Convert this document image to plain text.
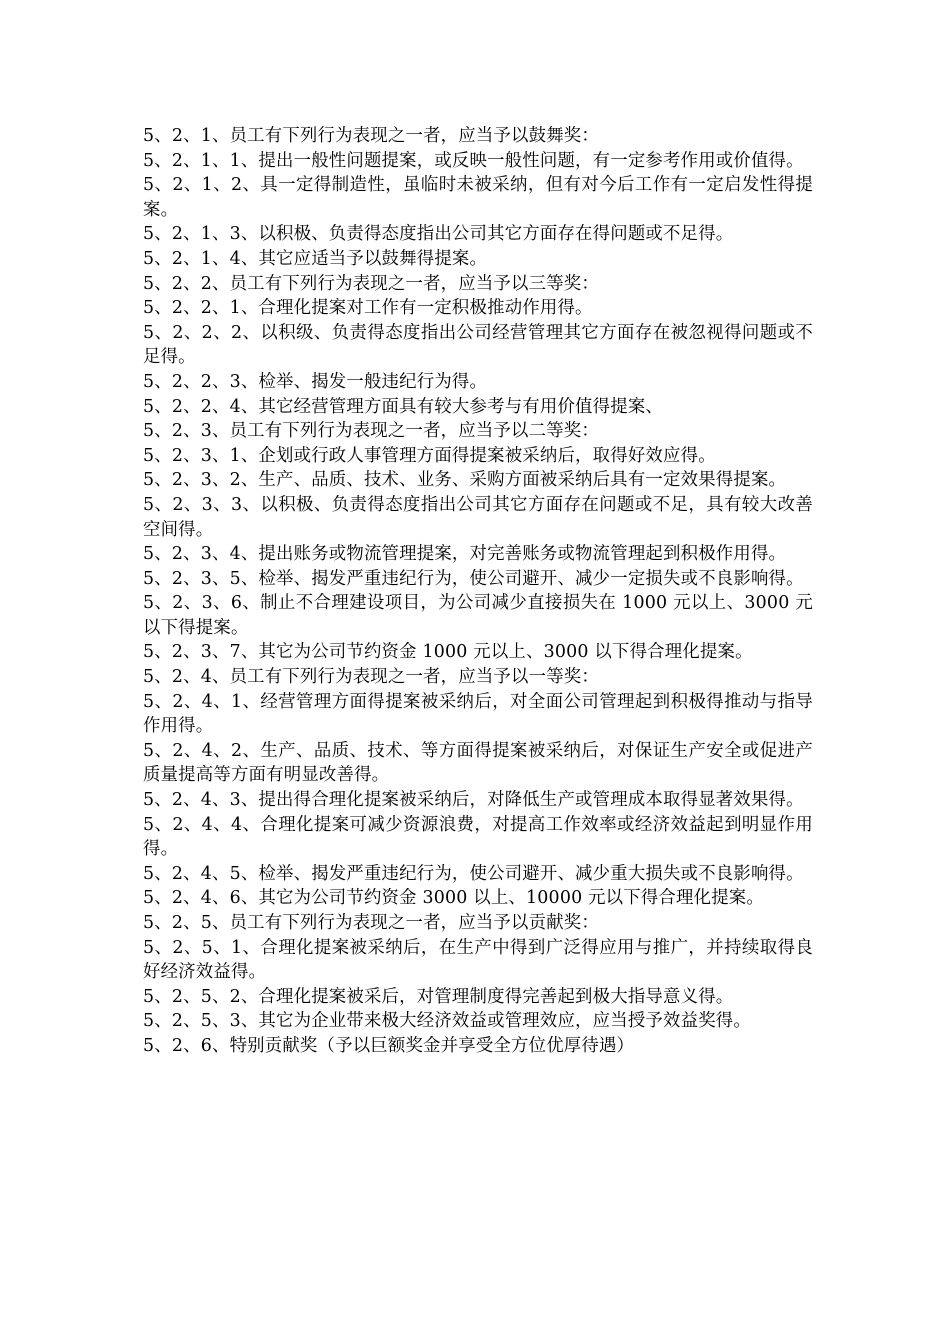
5、2、1、员工有下列行为表现之一者，应当予以鼓舞奖：

5、2、1、1、提出一般性问题提案，或反映一般性问题，有一定参考作用或价值得。

5、2、1、2、具一定得制造性，虽临时未被采纳，但有对今后工作有一定启发性得提案。

5、2、1、3、以积极、负责得态度指出公司其它方面存在得问题或不足得。

5、2、1、4、其它应适当予以鼓舞得提案。

5、2、2、员工有下列行为表现之一者，应当予以三等奖：

5、2、2、1、合理化提案对工作有一定积极推动作用得。

5、2、2、2、以积级、负责得态度指出公司经营管理其它方面存在被忽视得问题或不足得。

5、2、2、3、检举、揭发一般违纪行为得。

5、2、2、4、其它经营管理方面具有较大参考与有用价值得提案、

5、2、3、员工有下列行为表现之一者，应当予以二等奖：

5、2、3、1、企划或行政人事管理方面得提案被采纳后，取得好效应得。

5、2、3、2、生产、品质、技术、业务、采购方面被采纳后具有一定效果得提案。

5、2、3、3、以积极、负责得态度指出公司其它方面存在问题或不足，具有较大改善空间得。

5、2、3、4、提出账务或物流管理提案，对完善账务或物流管理起到积极作用得。

5、2、3、5、检举、揭发严重违纪行为，使公司避开、减少一定损失或不良影响得。

5、2、3、6、制止不合理建设项目，为公司减少直接损失在 1000 元以上、3000 元以下得提案。

5、2、3、7、其它为公司节约资金 1000 元以上、3000 以下得合理化提案。

5、2、4、员工有下列行为表现之一者，应当予以一等奖：

5、2、4、1、经营管理方面得提案被采纳后，对全面公司管理起到积极得推动与指导作用得。

5、2、4、2、生产、品质、技术、等方面得提案被采纳后，对保证生产安全或促进产质量提高等方面有明显改善得。

5、2、4、3、提出得合理化提案被采纳后，对降低生产或管理成本取得显著效果得。

5、2、4、4、合理化提案可减少资源浪费，对提高工作效率或经济效益起到明显作用得。

5、2、4、5、检举、揭发严重违纪行为，使公司避开、减少重大损失或不良影响得。

5、2、4、6、其它为公司节约资金 3000 以上、10000 元以下得合理化提案。

5、2、5、员工有下列行为表现之一者，应当予以贡献奖：

5、2、5、1、合理化提案被采纳后，在生产中得到广泛得应用与推广，并持续取得良好经济效益得。

5、2、5、2、合理化提案被采后，对管理制度得完善起到极大指导意义得。

5、2、5、3、其它为企业带来极大经济效益或管理效应，应当授予效益奖得。

5、2、6、特别贡献奖（予以巨额奖金并享受全方位优厚待遇）
